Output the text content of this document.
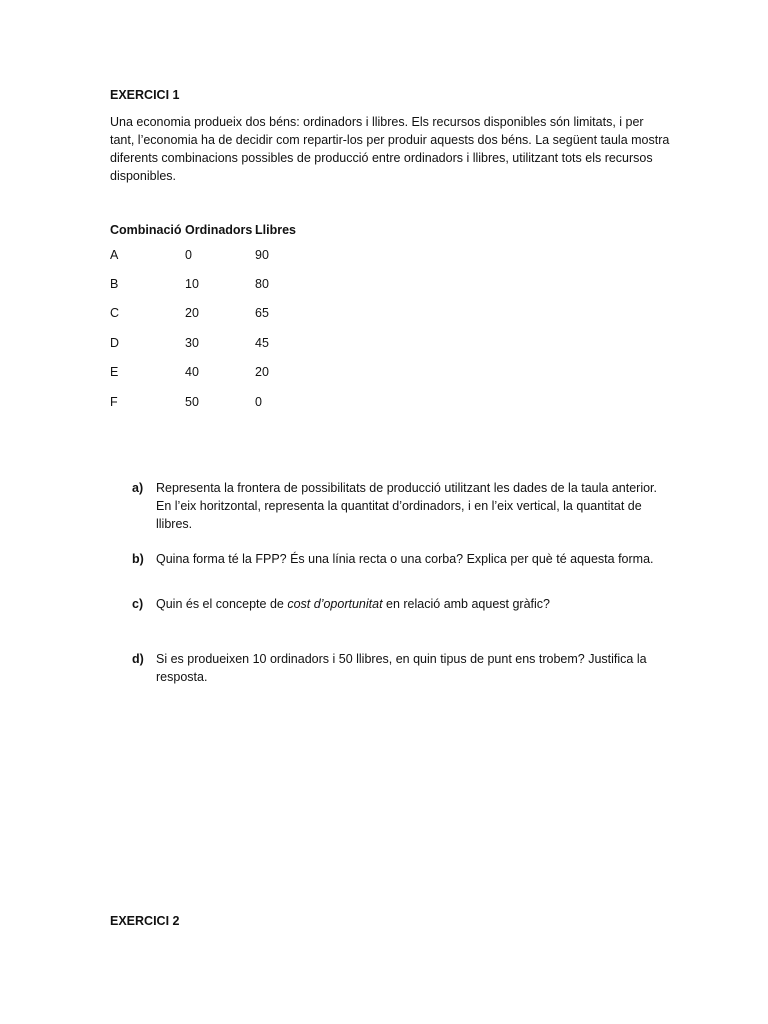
EXERCICI 1

Una economia produeix dos béns: ordinadors i llibres. Els recursos disponibles són limitats, i per tant, l’economia ha de decidir com repartir-los per produir aquests dos béns. La següent taula mostra diferents combinacions possibles de producció entre ordinadors i llibres, utilitzant tots els recursos disponibles.

Combinació	Ordinadors	Llibres
A	0	90
B	10	80
C	20	65
D	30	45
E	40	20
F	50	0
a) Representa la frontera de possibilitats de producció utilitzant les dades de la taula anterior. En l’eix horitzontal, representa la quantitat d’ordinadors, i en l’eix vertical, la quantitat de llibres.
b) Quina forma té la FPP? És una línia recta o una corba? Explica per què té aquesta forma.
c) Quin és el concepte de cost d’oportunitat en relació amb aquest gràfic?
d) Si es produeixen 10 ordinadors i 50 llibres, en quin tipus de punt ens trobem? Justifica la resposta.
EXERCICI 2
